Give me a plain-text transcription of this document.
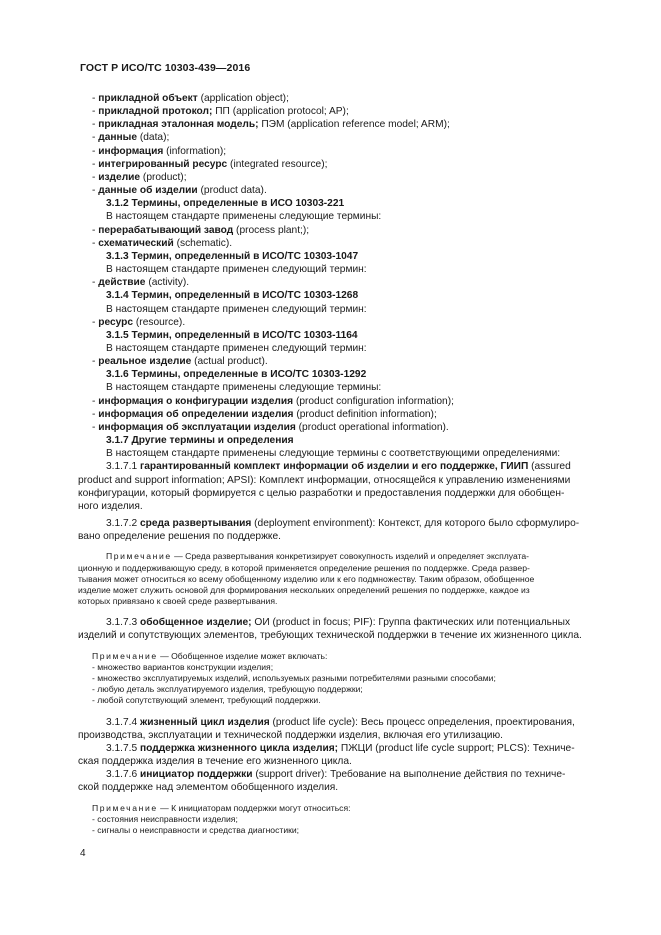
ГОСТ Р ИСО/ТС 10303-439—2016
- прикладной объект (application object);
- прикладной протокол; ПП (application protocol; AP);
- прикладная эталонная модель; ПЭМ (application reference model; ARM);
- данные (data);
- информация (information);
- интегрированный ресурс (integrated resource);
- изделие (product);
- данные об изделии (product data).
3.1.2 Термины, определенные в ИСО 10303-221
В настоящем стандарте применены следующие термины:
- перерабатывающий завод (process plant;);
- схематический (schematic).
3.1.3 Термин, определенный в ИСО/ТС 10303-1047
В настоящем стандарте применен следующий термин:
- действие (activity).
3.1.4 Термин, определенный в ИСО/ТС 10303-1268
В настоящем стандарте применен следующий термин:
- ресурс (resource).
3.1.5 Термин, определенный в ИСО/ТС 10303-1164
В настоящем стандарте применен следующий термин:
- реальное изделие (actual product).
3.1.6 Термины, определенные в ИСО/ТС 10303-1292
В настоящем стандарте применены следующие термины:
- информация о конфигурации изделия (product configuration information);
- информация об определении изделия (product definition information);
- информация об эксплуатации изделия (product operational information).
3.1.7 Другие термины и определения
В настоящем стандарте применены следующие термины с соответствующими определениями:
3.1.7.1 гарантированный комплект информации об изделии и его поддержке, ГИИП (assured
product and support information; APSI): Комплект информации, относящейся к управлению изменениями
конфигурации, который формируется с целью разработки и предоставления поддержки для обобщен-
ного изделия.
3.1.7.2 среда развертывания (deployment environment): Контекст, для которого было сформулиро-
вано определение решения по поддержке.
Примечание — Среда развертывания конкретизирует совокупность изделий и определяет эксплуата-
ционную и поддерживающую среду, в которой применяется определение решения по поддержке. Среда развер-
тывания может относиться ко всему обобщенному изделию или к его подмножеству. Таким образом, обобщенное
изделие может служить основой для формирования нескольких определений решения по поддержке, каждое из
которых привязано к своей среде развертывания.
3.1.7.3 обобщенное изделие; ОИ (product in focus; PIF): Группа фактических или потенциальных
изделий и сопутствующих элементов, требующих технической поддержки в течение их жизненного цикла.
Примечание — Обобщенное изделие может включать:
- множество вариантов конструкции изделия;
- множество эксплуатируемых изделий, используемых разными потребителями разными способами;
- любую деталь эксплуатируемого изделия, требующую поддержки;
- любой сопутствующий элемент, требующий поддержки.
3.1.7.4 жизненный цикл изделия (product life cycle): Весь процесс определения, проектирования,
производства, эксплуатации и технической поддержки изделия, включая его утилизацию.
3.1.7.5 поддержка жизненного цикла изделия; ПЖЦИ (product life cycle support; PLCS): Техниче-
ская поддержка изделия в течение его жизненного цикла.
3.1.7.6 инициатор поддержки (support driver): Требование на выполнение действия по техниче-
ской поддержке над элементом обобщенного изделия.
Примечание — К инициаторам поддержки могут относиться:
- состояния неисправности изделия;
- сигналы о неисправности и средства диагностики;
4
